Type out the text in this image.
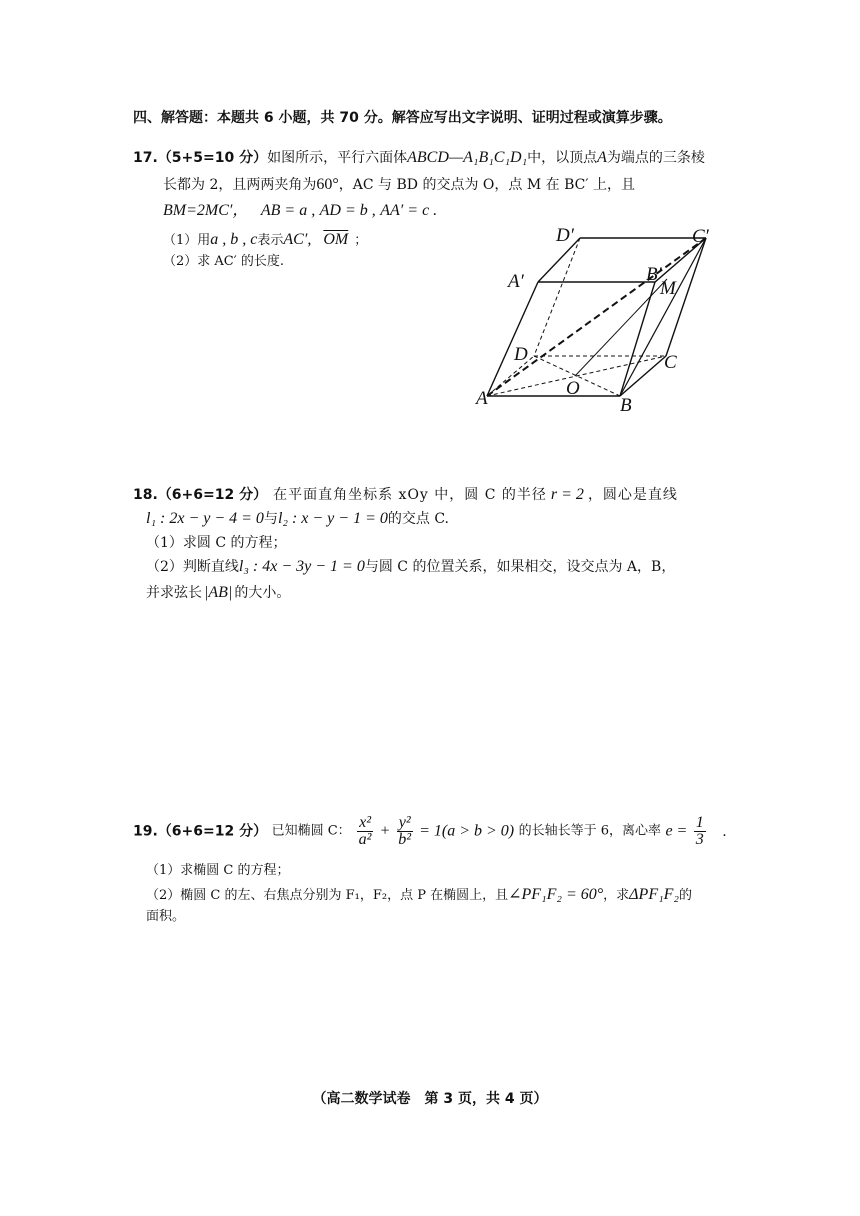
四、解答题：本题共 6 小题，共 70 分。解答应写出文字说明、证明过程或演算步骤。
17.（5+5=10 分）如图所示，平行六面体ABCD—A₁B₁C₁D₁中，以顶点A为端点的三条棱
长都为 2，且两两夹角为60°，AC 与 BD 的交点为 O，点 M 在 BC′ 上，且
BM=2MC′， AB = a , AD = b , AA′ = c .
（1）用a , b , c表示AC′, $\overline{OM}$ ；
（2）求 AC′ 的长度.
D′	C′
A′	B′
M
D	C
O
A	B
18.（6+6=12 分） 在平面直角坐标系 xOy 中，圆 C 的半径 r = 2 ，圆心是直线
l₁ : 2x − y − 4 = 0与l₂ : x − y − 1 = 0的交点 C.
（1）求圆 C 的方程；
（2）判断直线l₃ : 4x − 3y − 1 = 0与圆 C 的位置关系，如果相交，设交点为 A，B，
并求弦长 |AB| 的大小。
19.（6+6=12 分） 已知椭圆 C： $\frac{\text{x²}}{\text{a²}} + \frac{\text{y²}}{\text{b²}} = 1(a > b > 0)$ 的长轴长等于 6，离心率 $e = \frac{1}{3}$ .
（1）求椭圆 C 的方程；
（2）椭圆 C 的左、右焦点分别为 F₁，F₂，点 P 在椭圆上，且∠PF₁F₂ = 60°，求ΔPF₁F₂的
面积。
（高二数学试卷　第 3 页，共 4 页）
